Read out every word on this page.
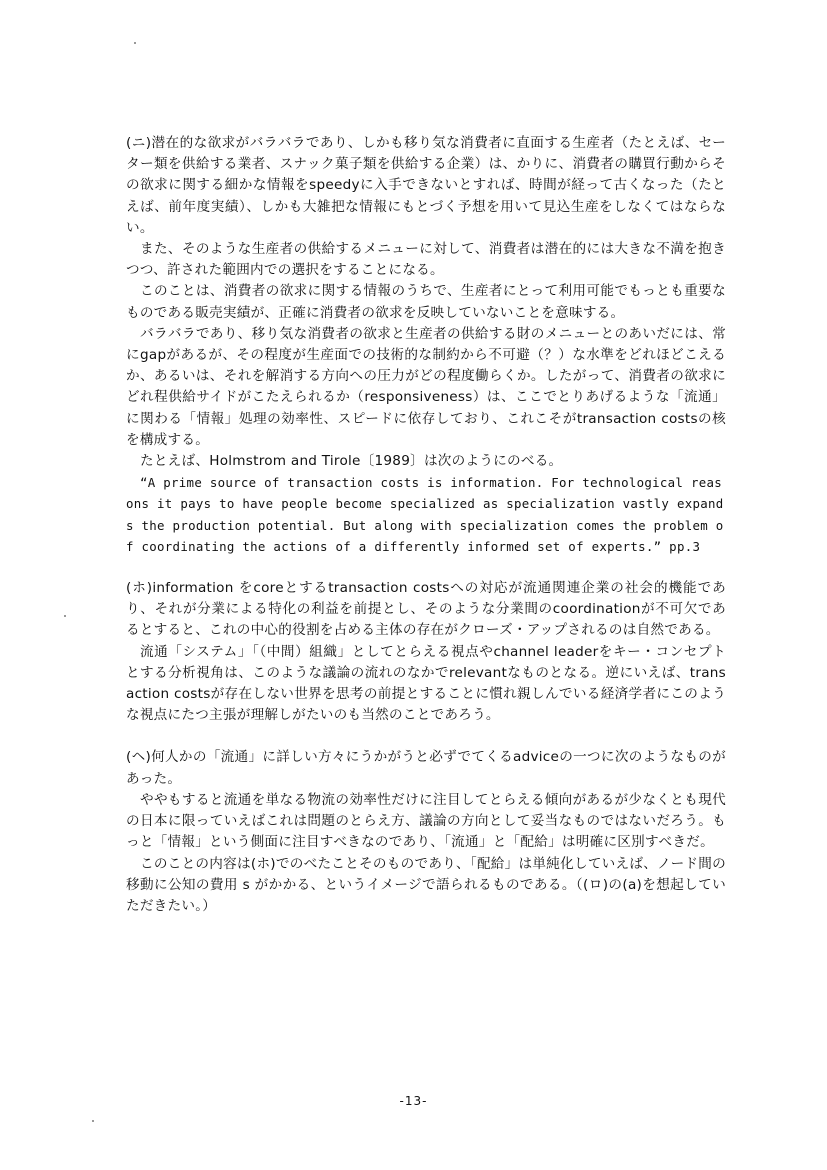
(ニ)潜在的な欲求がバラバラであり、しかも移り気な消費者に直面する生産者（たとえば、セーター類を供給する業者、スナック菓子類を供給する企業）は、かりに、消費者の購買行動からその欲求に関する細かな情報をspeedyに入手できないとすれば、時間が経って古くなった（たとえば、前年度実績）、しかも大雑把な情報にもとづく予想を用いて見込生産をしなくてはならない。

また、そのような生産者の供給するメニューに対して、消費者は潜在的には大きな不満を抱きつつ、許された範囲内での選択をすることになる。

このことは、消費者の欲求に関する情報のうちで、生産者にとって利用可能でもっとも重要なものである販売実績が、正確に消費者の欲求を反映していないことを意味する。

バラバラであり、移り気な消費者の欲求と生産者の供給する財のメニューとのあいだには、常にgapがあるが、その程度が生産面での技術的な制約から不可避（？）な水準をどれほどこえるか、あるいは、それを解消する方向への圧力がどの程度働らくか。したがって、消費者の欲求にどれ程供給サイドがこたえられるか（responsiveness）は、ここでとりあげるような「流通」に関わる「情報」処理の効率性、スピードに依存しており、これこそがtransaction costsの核を構成する。

たとえば、Holmstrom and Tirole〔1989〕は次のようにのべる。

“A prime source of transaction costs is information. For technological reasons it pays to have people become specialized as specialization vastly expands the production potential. But along with specialization comes the problem of coordinating the actions of a differently informed set of experts.” pp.3

(ホ)information をcoreとするtransaction costsへの対応が流通関連企業の社会的機能であり、それが分業による特化の利益を前提とし、そのような分業間のcoordinationが不可欠であるとすると、これの中心的役割を占める主体の存在がクローズ・アップされるのは自然である。

流通「システム」「（中間）組織」としてとらえる視点やchannel leaderをキー・コンセプトとする分析視角は、このような議論の流れのなかでrelevantなものとなる。逆にいえば、transaction costsが存在しない世界を思考の前提とすることに慣れ親しんでいる経済学者にこのような視点にたつ主張が理解しがたいのも当然のことであろう。

(ヘ)何人かの「流通」に詳しい方々にうかがうと必ずでてくるadviceの一つに次のようなものがあった。

ややもすると流通を単なる物流の効率性だけに注目してとらえる傾向があるが少なくとも現代の日本に限っていえばこれは問題のとらえ方、議論の方向として妥当なものではないだろう。もっと「情報」という側面に注目すべきなのであり、「流通」と「配給」は明確に区別すべきだ。

このことの内容は(ホ)でのべたことそのものであり、「配給」は単純化していえば、ノード間の移動に公知の費用 s がかかる、というイメージで語られるものである。（(ロ)の(a)を想起していただきたい。）

-13-
